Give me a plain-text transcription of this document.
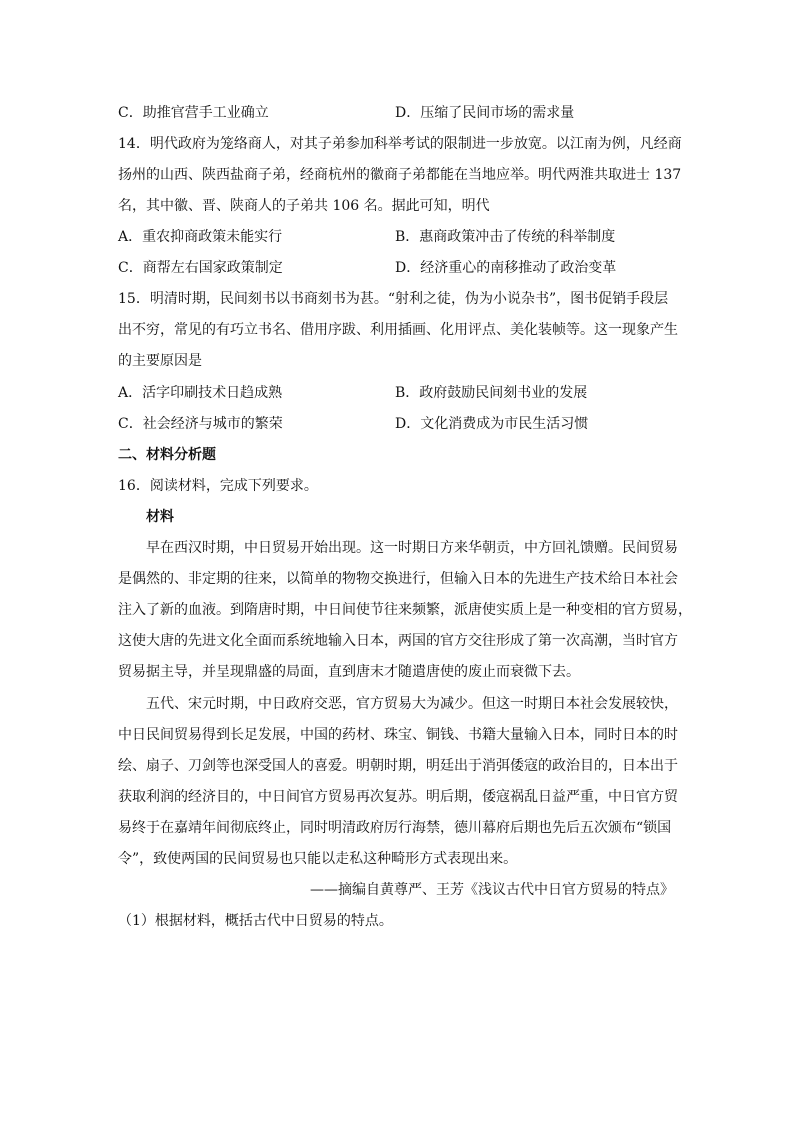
C．助推官营手工业确立	D．压缩了民间市场的需求量
14．明代政府为笼络商人，对其子弟参加科举考试的限制进一步放宽。以江南为例，凡经商
扬州的山西、陕西盐商子弟，经商杭州的徽商子弟都能在当地应举。明代两淮共取进士 137
名，其中徽、晋、陕商人的子弟共 106 名。据此可知，明代
A．重农抑商政策未能实行	B．惠商政策冲击了传统的科举制度
C．商帮左右国家政策制定	D．经济重心的南移推动了政治变革
15．明清时期，民间刻书以书商刻书为甚。“射利之徒，伪为小说杂书”，图书促销手段层
出不穷，常见的有巧立书名、借用序跋、利用插画、化用评点、美化装帧等。这一现象产生
的主要原因是
A．活字印刷技术日趋成熟	B．政府鼓励民间刻书业的发展
C．社会经济与城市的繁荣	D．文化消费成为市民生活习惯
二、材料分析题
16．阅读材料，完成下列要求。
材料
早在西汉时期，中日贸易开始出现。这一时期日方来华朝贡，中方回礼馈赠。民间贸易
是偶然的、非定期的往来，以简单的物物交换进行，但输入日本的先进生产技术给日本社会
注入了新的血液。到隋唐时期，中日间使节往来频繁，派唐使实质上是一种变相的官方贸易，
这使大唐的先进文化全面而系统地输入日本，两国的官方交往形成了第一次高潮，当时官方
贸易据主导，并呈现鼎盛的局面，直到唐末才随遣唐使的废止而衰微下去。
五代、宋元时期，中日政府交恶，官方贸易大为减少。但这一时期日本社会发展较快，
中日民间贸易得到长足发展，中国的药材、珠宝、铜钱、书籍大量输入日本，同时日本的时
绘、扇子、刀剑等也深受国人的喜爱。明朝时期，明廷出于消弭倭寇的政治目的，日本出于
获取利润的经济目的，中日间官方贸易再次复苏。明后期，倭寇祸乱日益严重，中日官方贸
易终于在嘉靖年间彻底终止，同时明清政府厉行海禁，德川幕府后期也先后五次颁布“锁国
令”，致使两国的民间贸易也只能以走私这种畸形方式表现出来。
——摘编自黄尊严、王芳《浅议古代中日官方贸易的特点》
（1）根据材料，概括古代中日贸易的特点。
